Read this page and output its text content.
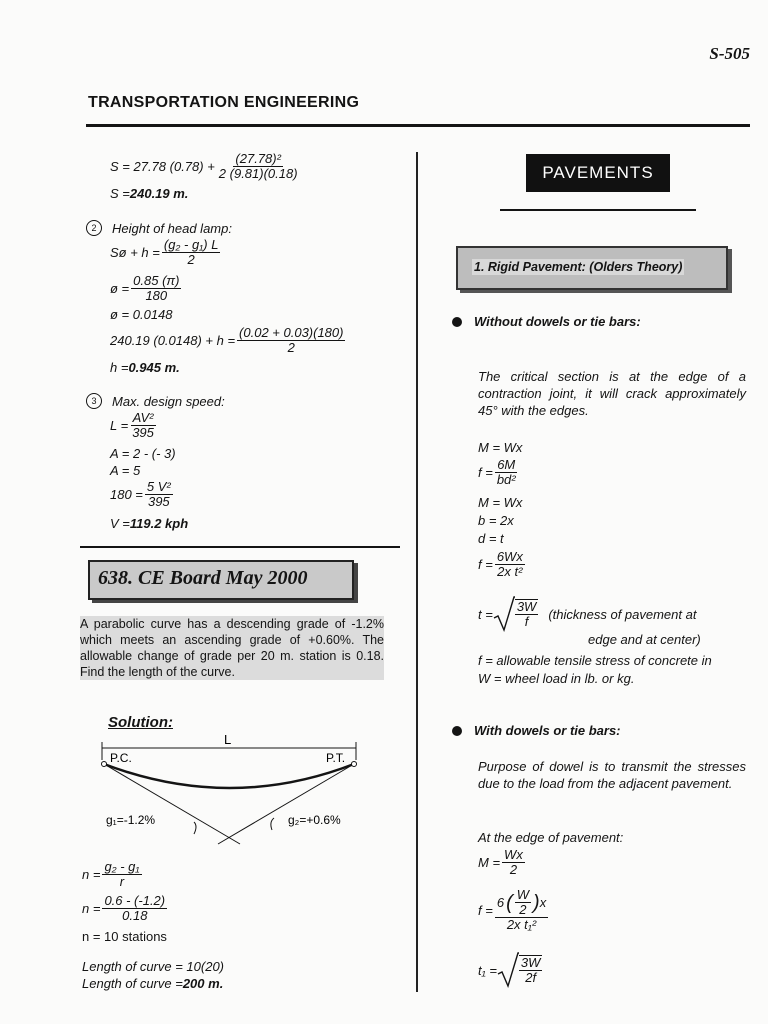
S-505
TRANSPORTATION ENGINEERING
S = 27.78 $(0.78) + \frac{\text{(27.78)²}}{2 (9.81)(0.18)}$
S = 240.19 m.
2	Height of head lamp:
Sø + $h = \frac{\text{(g₂ - g₁) L}}{2}$
ø = $\frac{0.85 (\pi)}{180}$
ø = 0.0148
240.19 $(0.0148) + h = \frac{(0.02 + 0.03)(180)}{2}$
h = 0.945 m.
3	Max. design speed:
$L = \frac{\text{AV²}}{395}$
A = 2 - (- 3)
A = 5
$180 = \frac{\text{5 V²}}{395}$
V = 119.2 kph
638. CE Board May 2000
A parabolic curve has a descending grade of -1.2% which meets an ascending grade of +0.60%. The allowable change of grade per 20 m. station is 0.18. Find the length of the curve.
Solution:
L
P.C.	P.T.
g₁=-1.2%	g₂=+0.6%
$n = \frac{\text{g₂ - g₁}}{r}$
$n = \frac{0.6 - (-1.2)}{0.18}$
n = 10 stations
Length of curve = 10(20)
Length of curve = 200 m.
PAVEMENTS
1. Rigid Pavement: (Olders Theory)
Without dowels or tie bars:
The critical section is at the edge of a contraction joint, it will crack approximately 45° with the edges.
M = Wx
$f = \frac{6M}{\text{bd²}}$
M = Wx
b = 2x
d = t
$f = \frac{6Wx}{\text{2x t²}}$
$t = \frac{3W}{f}$ (thickness of pavement at
edge and at center)
f = allowable tensile stress of concrete in
W = wheel load in lb. or kg.
With dowels or tie bars:
Purpose of dowel is to transmit the stresses due to the load from the adjacent pavement.
At the edge of pavement:
$M = \frac{Wx}{2}$
$f = \frac{6 ( \frac{W}{2} ) x}{\text{2x t₁²}}$
$t_1 = \frac{3W}{2f}$
